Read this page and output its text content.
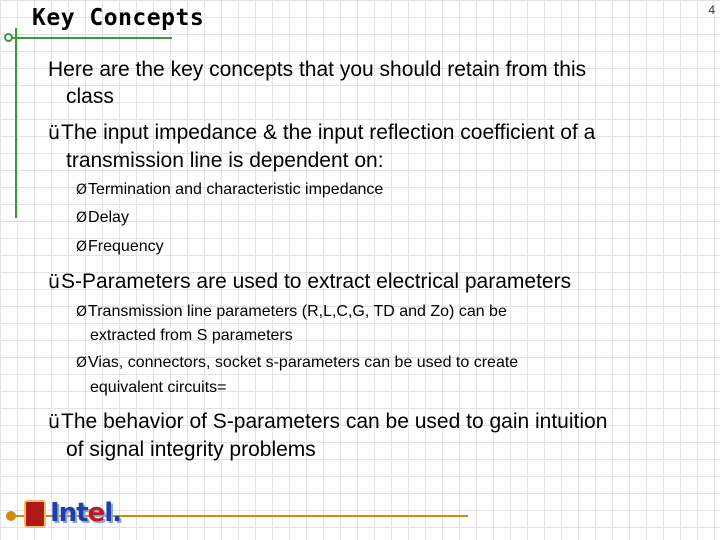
Key Concepts	4
Here are the key concepts that you should retain from this
class
üThe input impedance & the input reflection coefficient of a
transmission line is dependent on:
ØTermination and characteristic impedance
ØDelay
ØFrequency
üS-Parameters are used to extract electrical parameters
ØTransmission line parameters (R,L,C,G, TD and Zo) can be
extracted from S parameters
ØVias, connectors, socket s-parameters can be used to create
equivalent circuits=
üThe behavior of S-parameters can be used to gain intuition
of signal integrity problems
Intel.
